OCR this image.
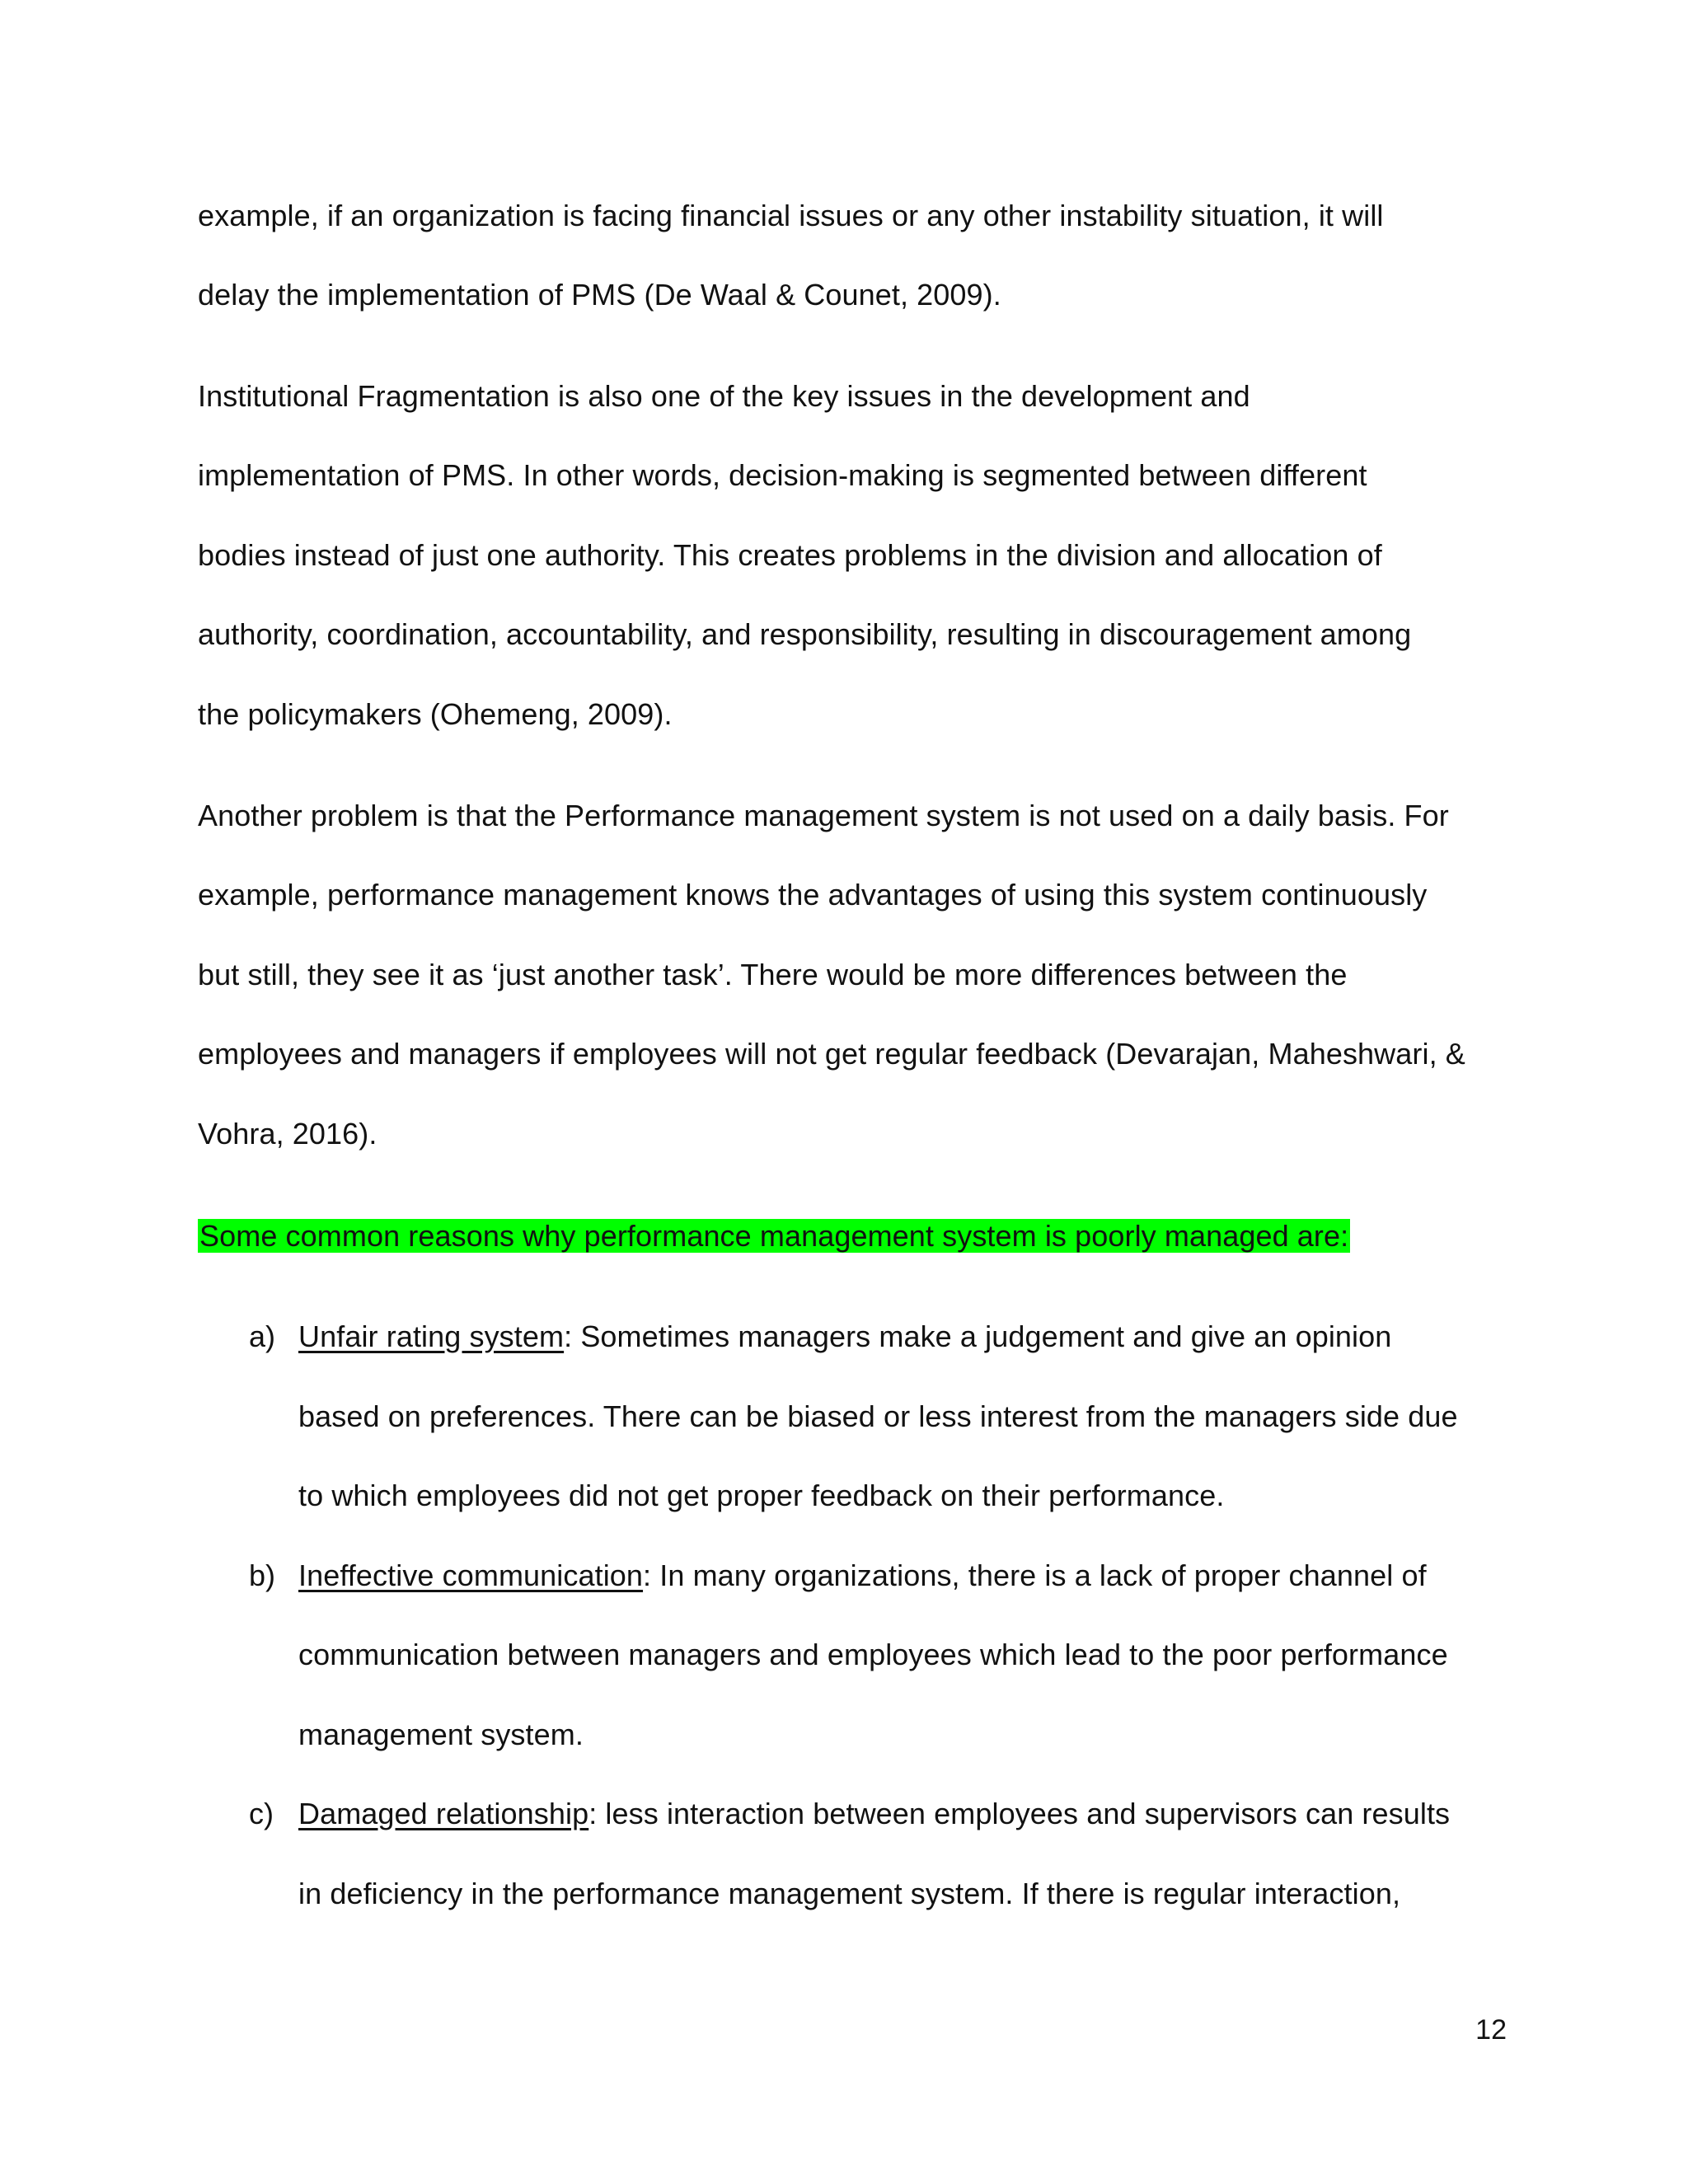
example, if an organization is facing financial issues or any other instability situation, it will
delay the implementation of PMS (De Waal & Counet, 2009).
Institutional Fragmentation is also one of the key issues in the development and
implementation of PMS. In other words, decision-making is segmented between different
bodies instead of just one authority. This creates problems in the division and allocation of
authority, coordination, accountability, and responsibility, resulting in discouragement among
the policymakers (Ohemeng, 2009).
Another problem is that the Performance management system is not used on a daily basis. For
example, performance management knows the advantages of using this system continuously
but still, they see it as ‘just another task’. There would be more differences between the
employees and managers if employees will not get regular feedback (Devarajan, Maheshwari, &
Vohra, 2016).
Some common reasons why performance management system is poorly managed are:
a) Unfair rating system: Sometimes managers make a judgement and give an opinion
based on preferences. There can be biased or less interest from the managers side due
to which employees did not get proper feedback on their performance.
b) Ineffective communication: In many organizations, there is a lack of proper channel of
communication between managers and employees which lead to the poor performance
management system.
c) Damaged relationship: less interaction between employees and supervisors can results
in deficiency in the performance management system. If there is regular interaction,
12
